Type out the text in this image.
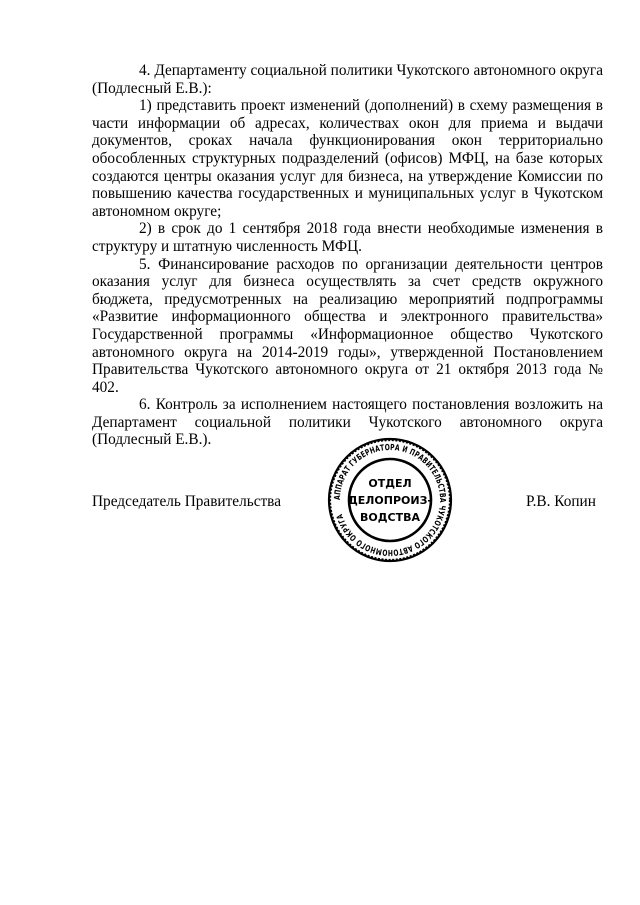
4. Департаменту социальной политики Чукотского автономного округа (Подлесный Е.В.):

1) представить проект изменений (дополнений) в схему размещения в части информации об адресах, количествах окон для приема и выдачи документов, сроках начала функционирования окон территориально обособленных структурных подразделений (офисов) МФЦ, на базе которых создаются центры оказания услуг для бизнеса, на утверждение Комиссии по повышению качества государственных и муниципальных услуг в Чукотском автономном округе;

2) в срок до 1 сентября 2018 года внести необходимые изменения в структуру и штатную численность МФЦ.

5. Финансирование расходов по организации деятельности центров оказания услуг для бизнеса осуществлять за счет средств окружного бюджета, предусмотренных на реализацию мероприятий подпрограммы «Развитие информационного общества и электронного правительства» Государственной программы «Информационное общество Чукотского автономного округа на 2014-2019 годы», утвержденной Постановлением Правительства Чукотского автономного округа от 21 октября 2013 года № 402.

6. Контроль за исполнением настоящего постановления возложить на Департамент социальной политики Чукотского автономного округа (Подлесный Е.В.).

Председатель Правительства	АППАРАТ ГУБЕРНАТОРА И ПРАВИТЕЛЬСТВА ЧУКОТСКОГО АВТОНОМНОГО ОКРУГА
ОТДЕЛ
ДЕЛОПРОИЗ-
ВОДСТВА
Р.В. Копин
